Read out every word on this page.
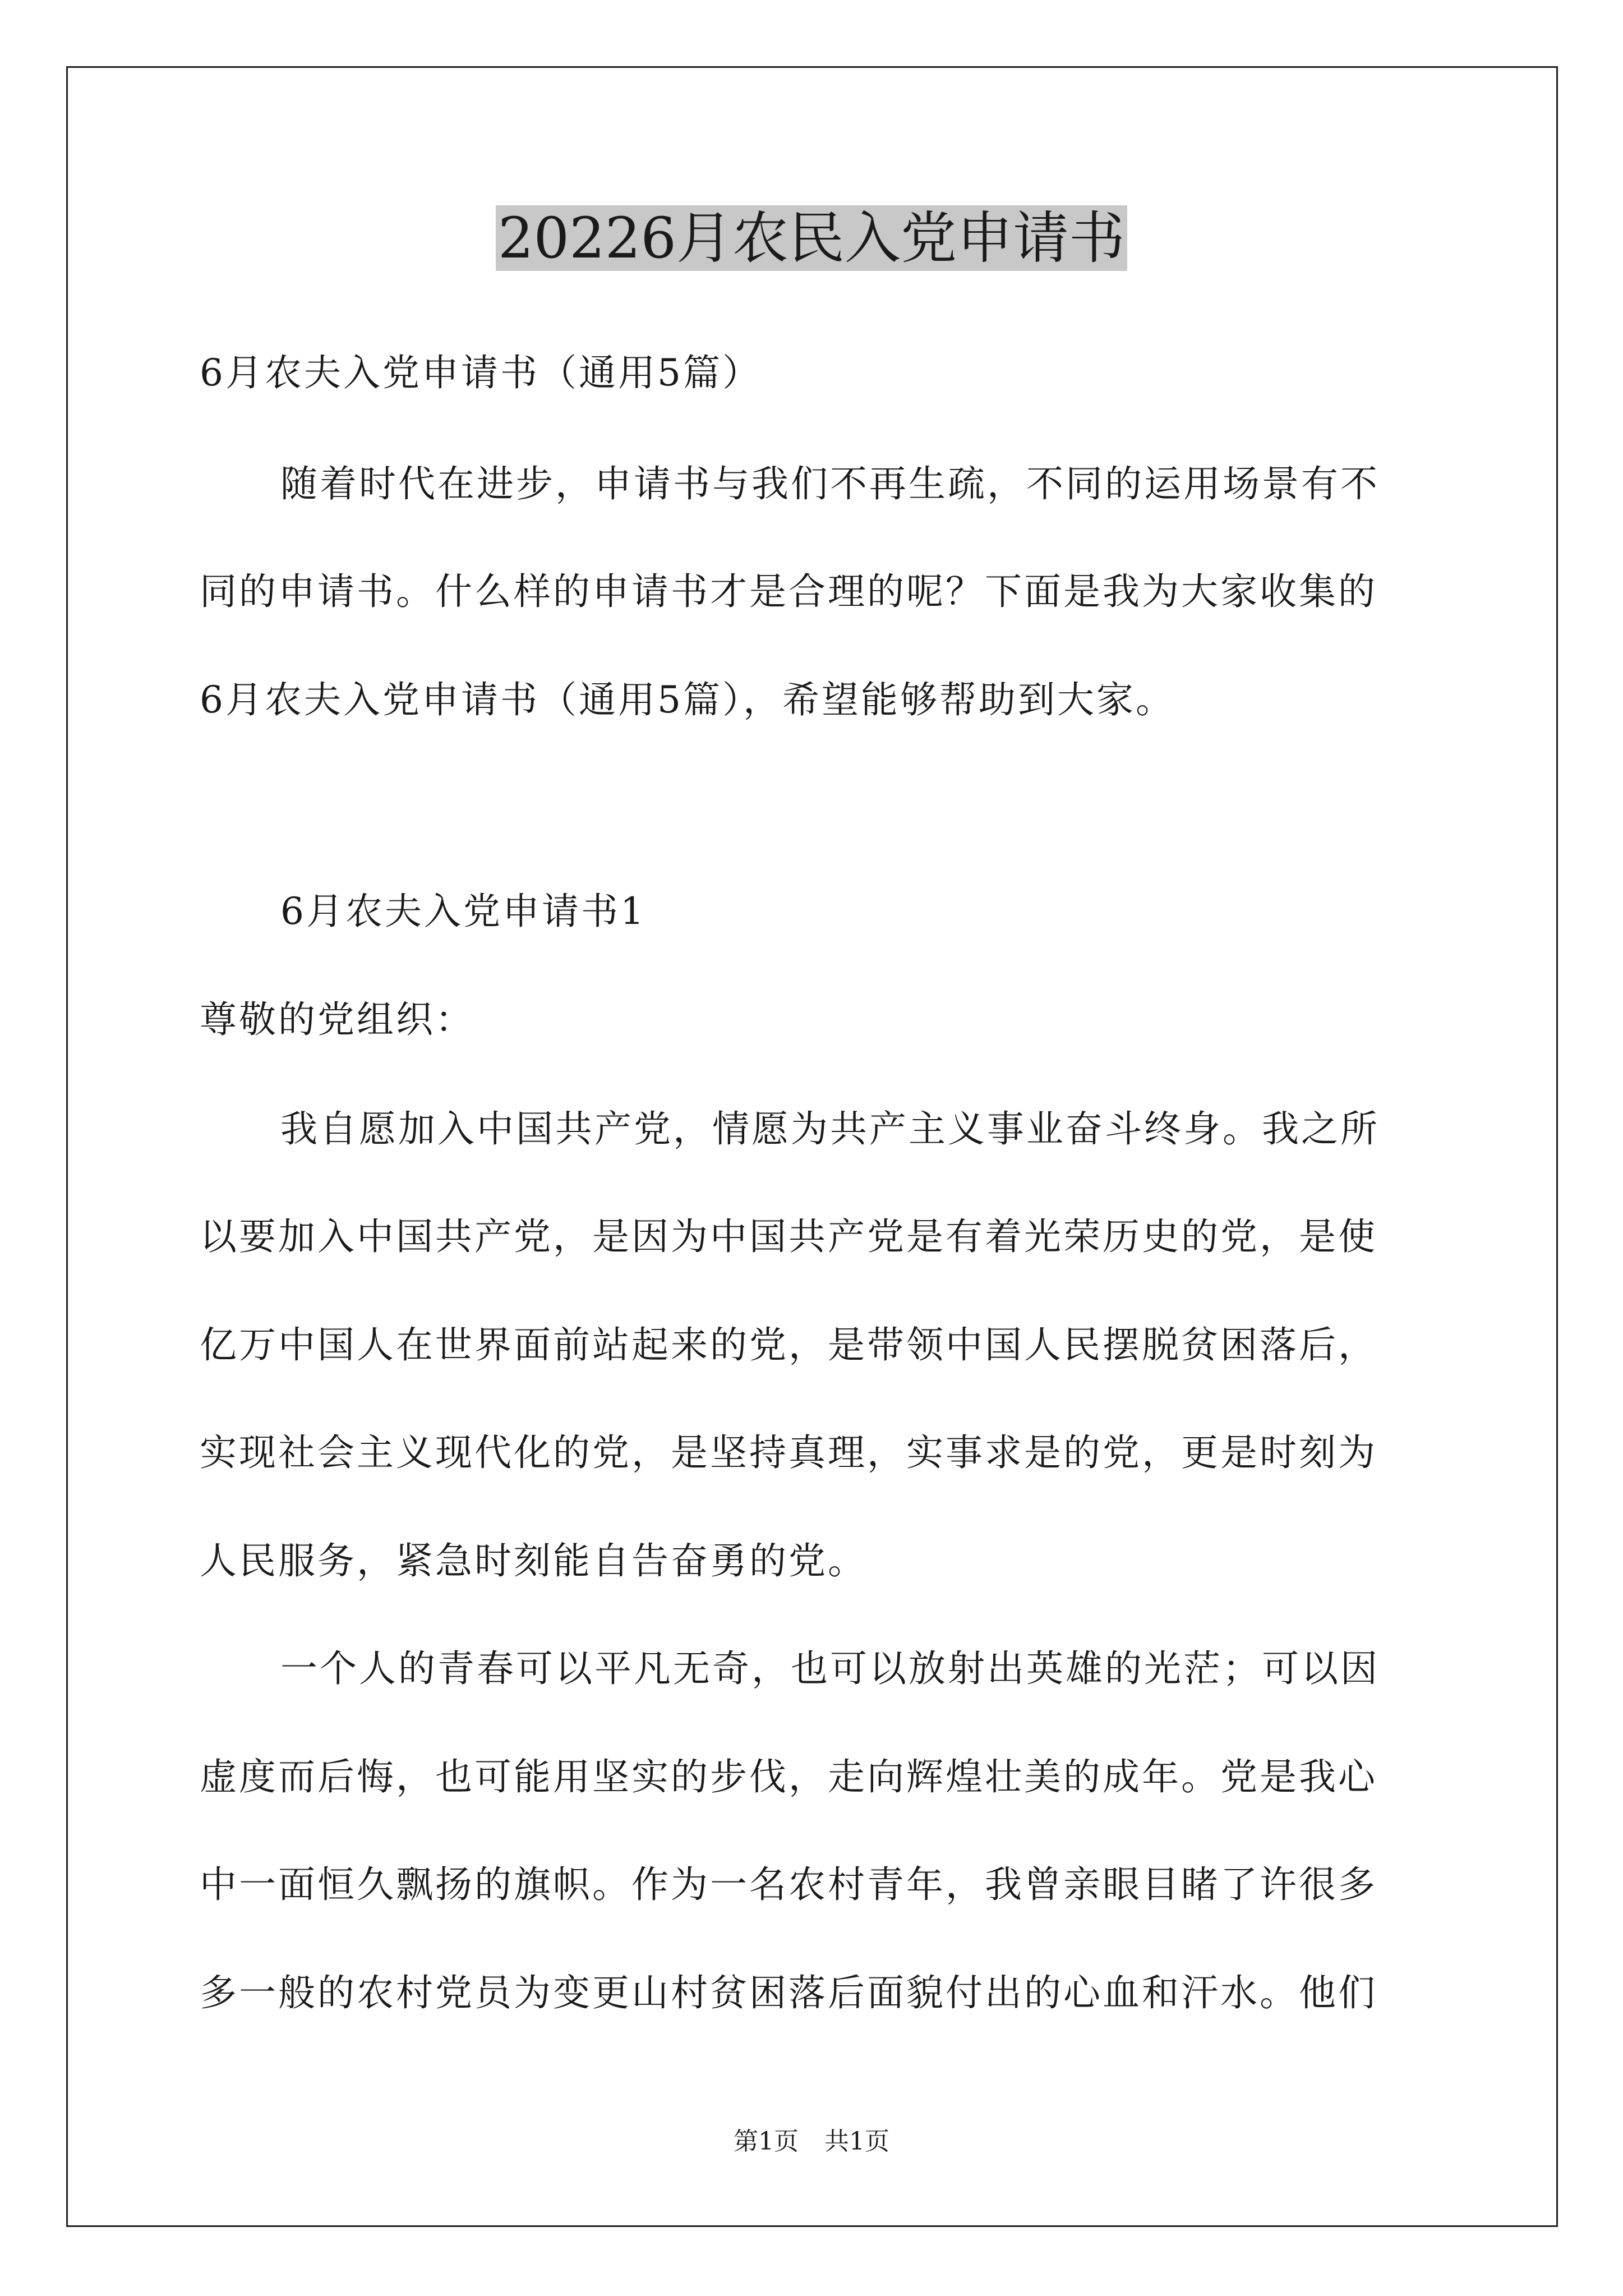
20226月农民入党申请书
6月农夫入党申请书（通用5篇）
随着时代在进步，申请书与我们不再生疏，不同的运用场景有不
同的申请书。什么样的申请书才是合理的呢？下面是我为大家收集的
6月农夫入党申请书（通用5篇），希望能够帮助到大家。
6月农夫入党申请书1
尊敬的党组织：
我自愿加入中国共产党，情愿为共产主义事业奋斗终身。我之所
以要加入中国共产党，是因为中国共产党是有着光荣历史的党，是使
亿万中国人在世界面前站起来的党，是带领中国人民摆脱贫困落后，
实现社会主义现代化的党，是坚持真理，实事求是的党，更是时刻为
人民服务，紧急时刻能自告奋勇的党。
一个人的青春可以平凡无奇，也可以放射出英雄的光茫；可以因
虚度而后悔，也可能用坚实的步伐，走向辉煌壮美的成年。党是我心
中一面恒久飘扬的旗帜。作为一名农村青年，我曾亲眼目睹了许很多
多一般的农村党员为变更山村贫困落后面貌付出的心血和汗水。他们
第1页 共1页
